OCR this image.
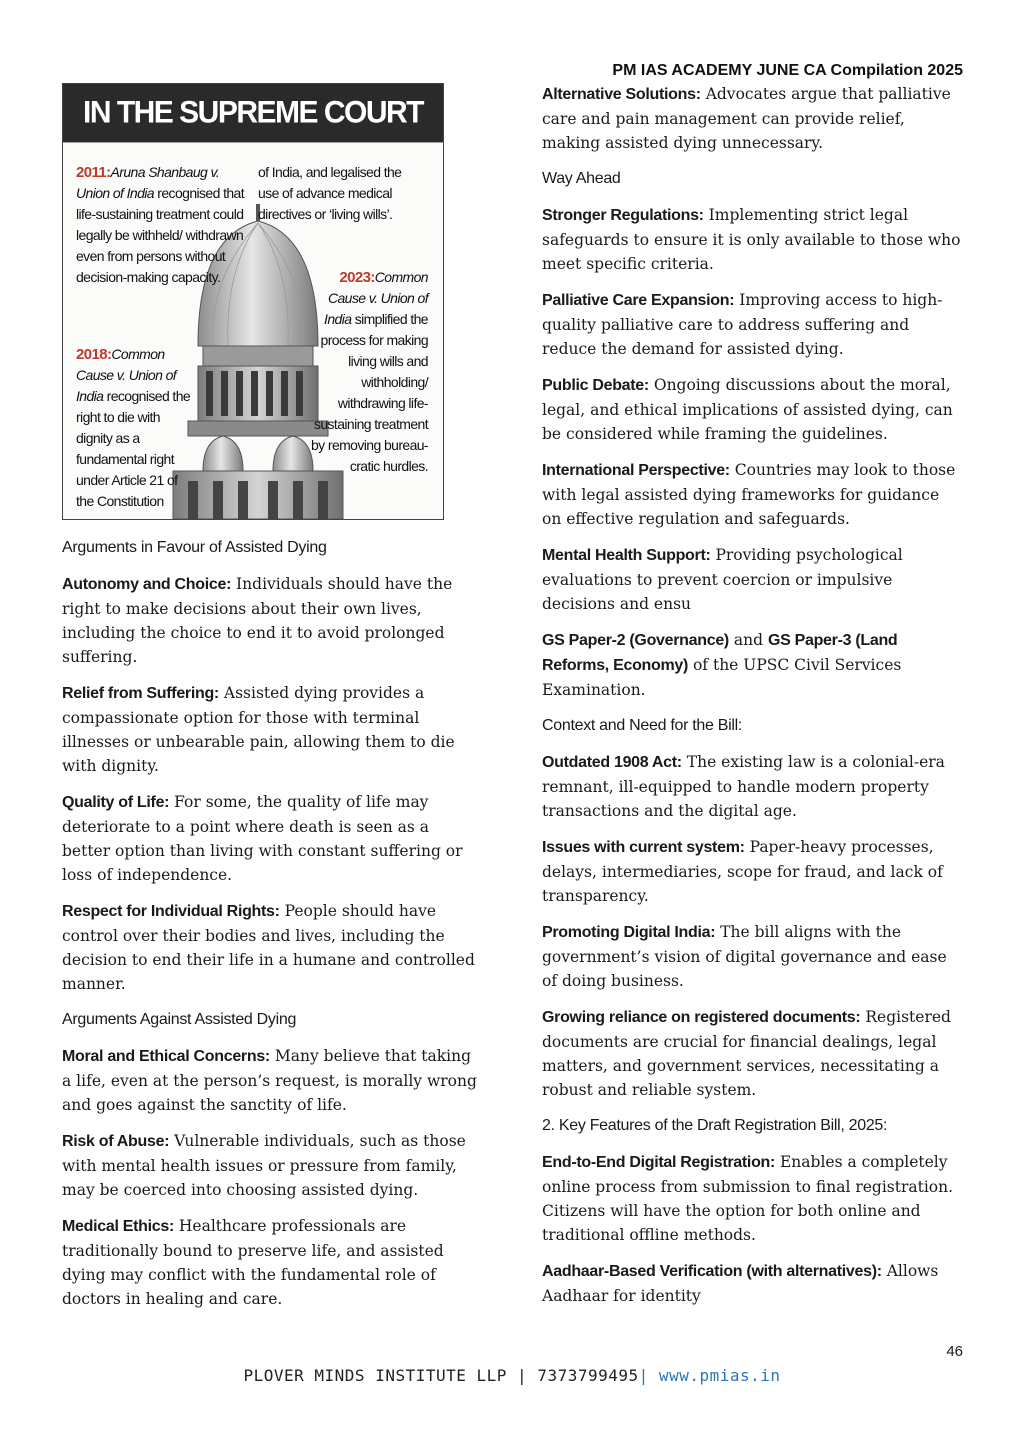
PM IAS ACADEMY JUNE CA Compilation 2025
IN THE SUPREME COURT
2011:Aruna Shanbaug v. Union of India recognised that life-sustaining treatment could legally be withheld/ withdrawn even from persons without decision-making capacity.
of India, and legalised the use of advance medical directives or ‘living wills’.
2023:Common Cause v. Union of India simplified the process for making living wills and withholding/ withdrawing life-sustaining treatment by removing bureau- cratic hurdles.
2018:Common Cause v. Union of India recognised the right to die with dignity as a fundamental right under Article 21 of the Constitution
Arguments in Favour of Assisted Dying

Autonomy and Choice: Individuals should have the right to make decisions about their own lives, including the choice to end it to avoid prolonged suffering.

Relief from Suffering: Assisted dying provides a compassionate option for those with terminal illnesses or unbearable pain, allowing them to die with dignity.

Quality of Life: For some, the quality of life may deteriorate to a point where death is seen as a better option than living with constant suffering or loss of independence.

Respect for Individual Rights: People should have control over their bodies and lives, including the decision to end their life in a humane and controlled manner.

Arguments Against Assisted Dying

Moral and Ethical Concerns: Many believe that taking a life, even at the person’s request, is morally wrong and goes against the sanctity of life.

Risk of Abuse: Vulnerable individuals, such as those with mental health issues or pressure from family, may be coerced into choosing assisted dying.

Medical Ethics: Healthcare professionals are traditionally bound to preserve life, and assisted dying may conflict with the fundamental role of doctors in healing and care.

Alternative Solutions: Advocates argue that palliative care and pain management can provide relief, making assisted dying unnecessary.

Way Ahead

Stronger Regulations: Implementing strict legal safeguards to ensure it is only available to those who meet specific criteria.

Palliative Care Expansion: Improving access to high-quality palliative care to address suffering and reduce the demand for assisted dying.

Public Debate: Ongoing discussions about the moral, legal, and ethical implications of assisted dying, can be considered while framing the guidelines.

International Perspective: Countries may look to those with legal assisted dying frameworks for guidance on effective regulation and safeguards.

Mental Health Support: Providing psychological evaluations to prevent coercion or impulsive decisions and ensu

GS Paper-2 (Governance) and GS Paper-3 (Land Reforms, Economy) of the UPSC Civil Services Examination.

Context and Need for the Bill:

Outdated 1908 Act: The existing law is a colonial-era remnant, ill-equipped to handle modern property transactions and the digital age.

Issues with current system: Paper-heavy processes, delays, intermediaries, scope for fraud, and lack of transparency.

Promoting Digital India: The bill aligns with the government’s vision of digital governance and ease of doing business.

Growing reliance on registered documents: Registered documents are crucial for financial dealings, legal matters, and government services, necessitating a robust and reliable system.

2. Key Features of the Draft Registration Bill, 2025:

End-to-End Digital Registration: Enables a completely online process from submission to final registration. Citizens will have the option for both online and traditional offline methods.

Aadhaar-Based Verification (with alternatives): Allows Aadhaar for identity

46
PLOVER MINDS INSTITUTE LLP | 7373799495| www.pmias.in
